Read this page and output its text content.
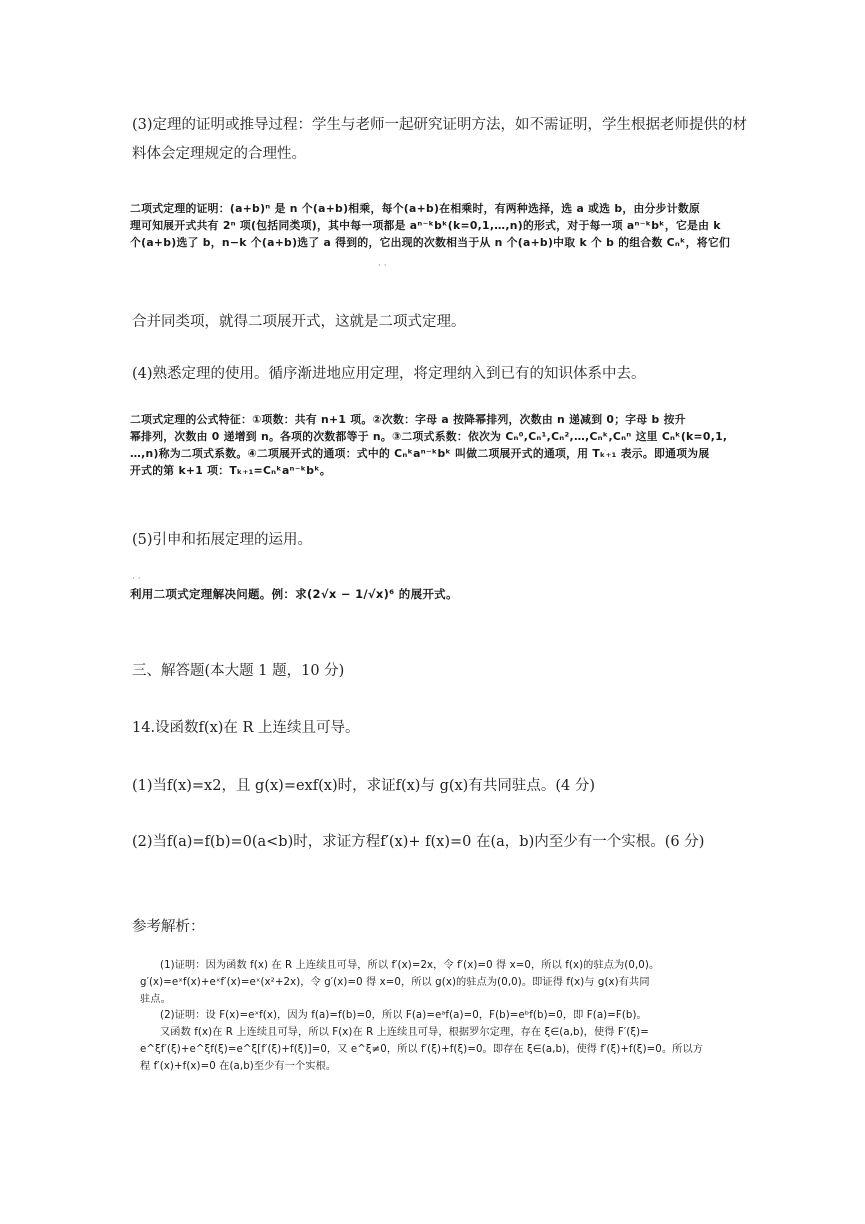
(3)定理的证明或推导过程：学生与老师一起研究证明方法，如不需证明，学生根据老师提供的材料体会定理规定的合理性。

二项式定理的证明：(a+b)ⁿ 是 n 个(a+b)相乘，每个(a+b)在相乘时，有两种选择，选 a 或选 b，由分步计数原
理可知展开式共有 2ⁿ 项(包括同类项)，其中每一项都是 aⁿ⁻ᵏbᵏ(k=0,1,…,n)的形式，对于每一项 aⁿ⁻ᵏbᵏ，它是由 k
个(a+b)选了 b，n−k 个(a+b)选了 a 得到的，它出现的次数相当于从 n 个(a+b)中取 k 个 b 的组合数 Cₙᵏ，将它们
· ·

合并同类项，就得二项展开式，这就是二项式定理。

(4)熟悉定理的使用。循序渐进地应用定理，将定理纳入到已有的知识体系中去。

二项式定理的公式特征：①项数：共有 n+1 项。②次数：字母 a 按降幂排列，次数由 n 递减到 0；字母 b 按升
幂排列，次数由 0 递增到 n。各项的次数都等于 n。③二项式系数：依次为 Cₙ⁰,Cₙ¹,Cₙ²,…,Cₙᵏ,Cₙⁿ 这里 Cₙᵏ(k=0,1,
…,n)称为二项式系数。④二项展开式的通项：式中的 Cₙᵏaⁿ⁻ᵏbᵏ 叫做二项展开式的通项，用 Tₖ₊₁ 表示。即通项为展
开式的第 k+1 项：Tₖ₊₁=Cₙᵏaⁿ⁻ᵏbᵏ。

(5)引申和拓展定理的运用。

· ·
利用二项式定理解决问题。例：求(2√x − 1/√x)⁶ 的展开式。

三、解答题(本大题 1 题，10 分)

14.设函数f(x)在 R 上连续且可导。

(1)当f(x)=x2，且 g(x)=exf(x)时，求证f(x)与 g(x)有共同驻点。(4 分)

(2)当f(a)=f(b)=0(a<b)时，求证方程f′(x)+ f(x)=0 在(a，b)内至少有一个实根。(6 分)

参考解析：

(1)证明：因为函数 f(x) 在 R 上连续且可导，所以 f′(x)=2x，令 f′(x)=0 得 x=0，所以 f(x)的驻点为(0,0)。
g′(x)=eˣf(x)+eˣf′(x)=eˣ(x²+2x)，令 g′(x)=0 得 x=0，所以 g(x)的驻点为(0,0)。即证得 f(x)与 g(x)有共同
驻点。
(2)证明：设 F(x)=eˣf(x)，因为 f(a)=f(b)=0，所以 F(a)=eᵃf(a)=0，F(b)=eᵇf(b)=0，即 F(a)=F(b)。
又函数 f(x)在 R 上连续且可导，所以 F(x)在 R 上连续且可导，根据罗尔定理，存在 ξ∈(a,b)，使得 F′(ξ)=
e^ξf′(ξ)+e^ξf(ξ)=e^ξ[f′(ξ)+f(ξ)]=0，又 e^ξ≠0，所以 f′(ξ)+f(ξ)=0。即存在 ξ∈(a,b)，使得 f′(ξ)+f(ξ)=0。所以方
程 f′(x)+f(x)=0 在(a,b)至少有一个实根。
